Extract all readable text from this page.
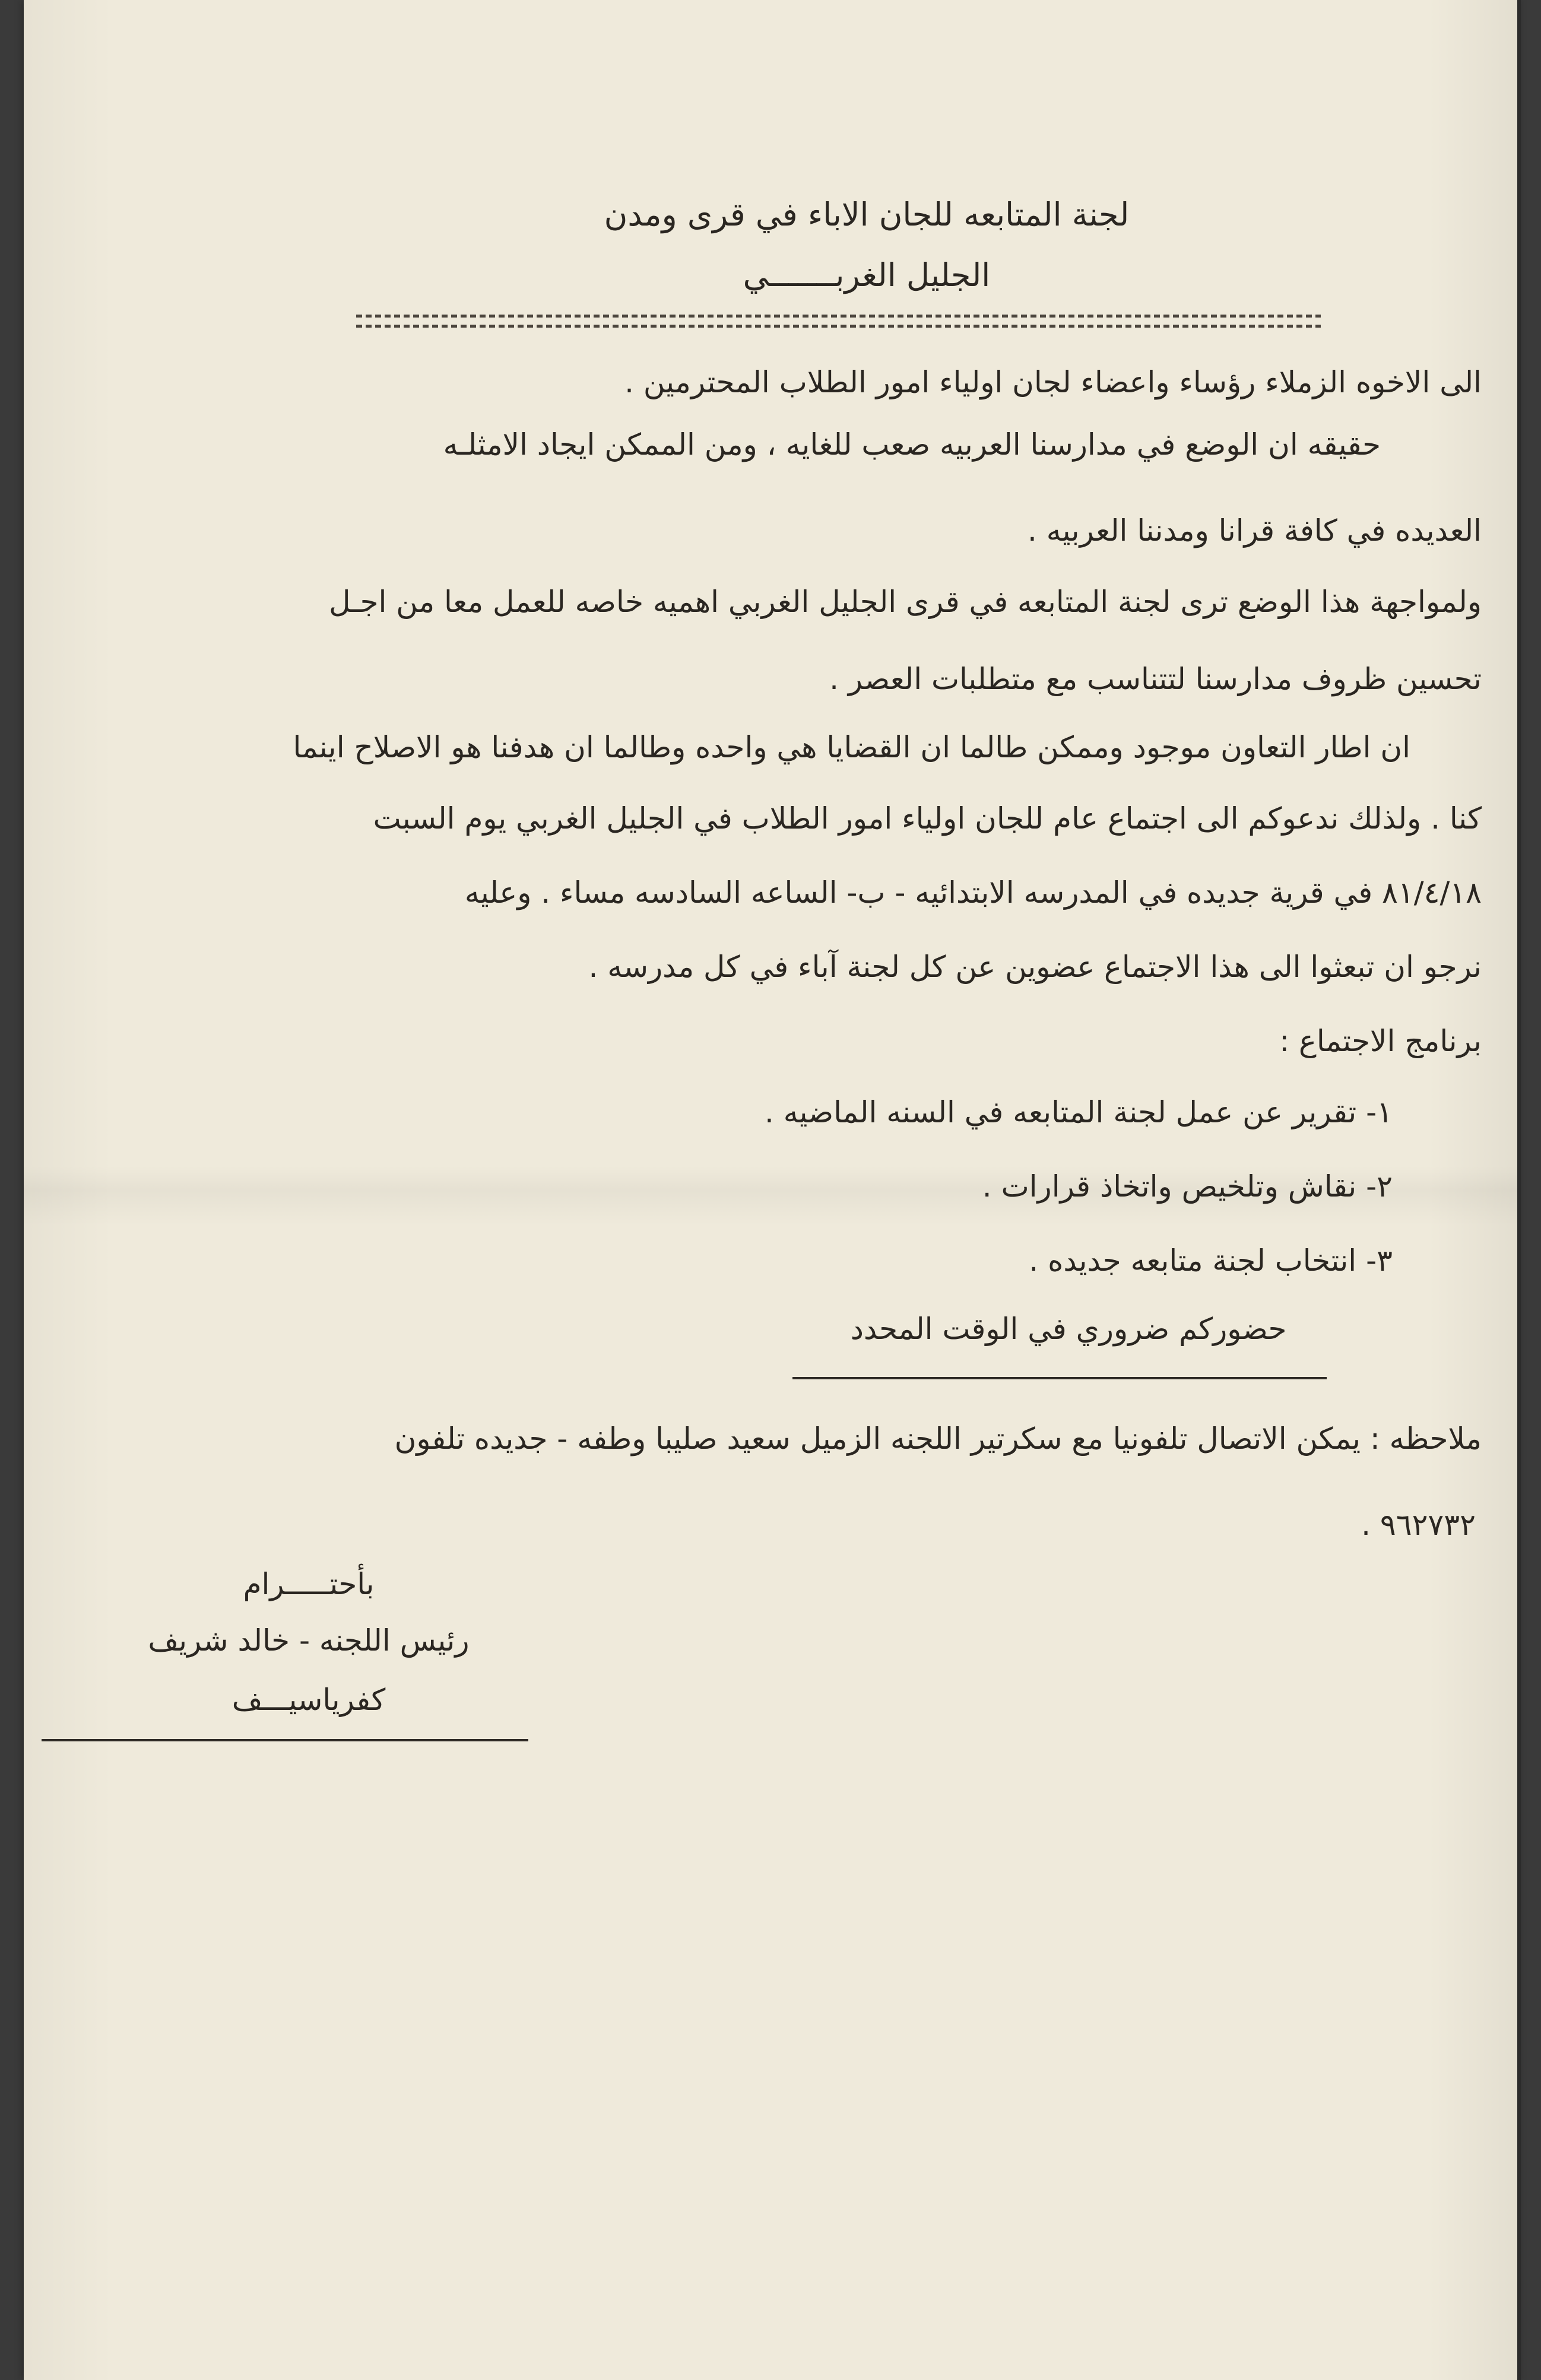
لجنة المتابعه للجان الاباء في قرى ومدن
الجليل الغربـــــــي
الى الاخوه الزملاء رؤساء واعضاء لجان اولياء امور الطلاب المحترمين .
حقيقه ان الوضع في مدارسنا العربيه صعب للغايه ، ومن الممكن ايجاد الامثلـه
العديده في كافة قرانا ومدننا العربيه .
ولمواجهة هذا الوضع ترى لجنة المتابعه في قرى الجليل الغربي اهميه خاصه للعمل معا من اجـل
تحسين ظروف مدارسنا لتتناسب مع متطلبات العصر .
ان اطار التعاون موجود وممكن طالما ان القضايا هي واحده وطالما ان هدفنا هو الاصلاح اينما
كنا . ولذلك ندعوكم الى اجتماع عام للجان اولياء امور الطلاب في الجليل الغربي يوم السبت
٨١/٤/١٨ في قرية جديده في المدرسه الابتدائيه - ب- الساعه السادسه مساء . وعليه
نرجو ان تبعثوا الى هذا الاجتماع عضوين عن كل لجنة آباء في كل مدرسه .
برنامج الاجتماع :
١- تقرير عن عمل لجنة المتابعه في السنه الماضيه .
٢- نقاش وتلخيص واتخاذ قرارات .
٣- انتخاب لجنة متابعه جديده .
حضوركم ضروري في الوقت المحدد
ملاحظه : يمكن الاتصال تلفونيا مع سكرتير اللجنه الزميل سعيد صليبا وطفه - جديده تلفون
٩٦٢٧٣٢ .
بأحتـــــرام
رئيس اللجنه - خالد شريف
كفرياسيـــف
